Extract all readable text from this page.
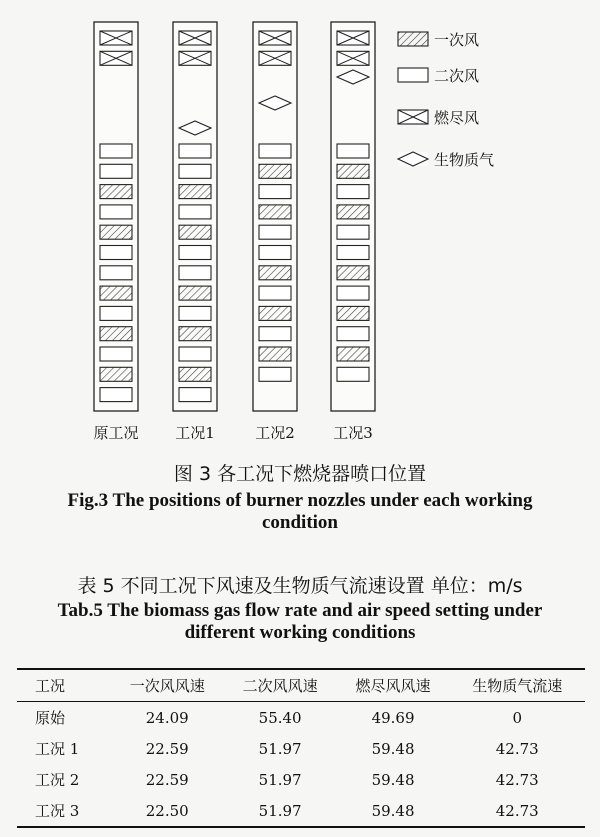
原工况 工况1	工况2	工况3
一次风
二次风
燃尽风
生物质气
图 3 各工况下燃烧器喷口位置
Fig.3 The positions of burner nozzles under each working
condition
表 5 不同工况下风速及生物质气流速设置 单位：m/s
Tab.5 The biomass gas flow rate and air speed setting under
different working conditions
工况	一次风风速	二次风风速	燃尽风风速	生物质气流速
原始	24.09	55.40	49.69	0
工况 1	22.59	51.97	59.48	42.73
工况 2	22.59	51.97	59.48	42.73
工况 3	22.50	51.97	59.48	42.73
